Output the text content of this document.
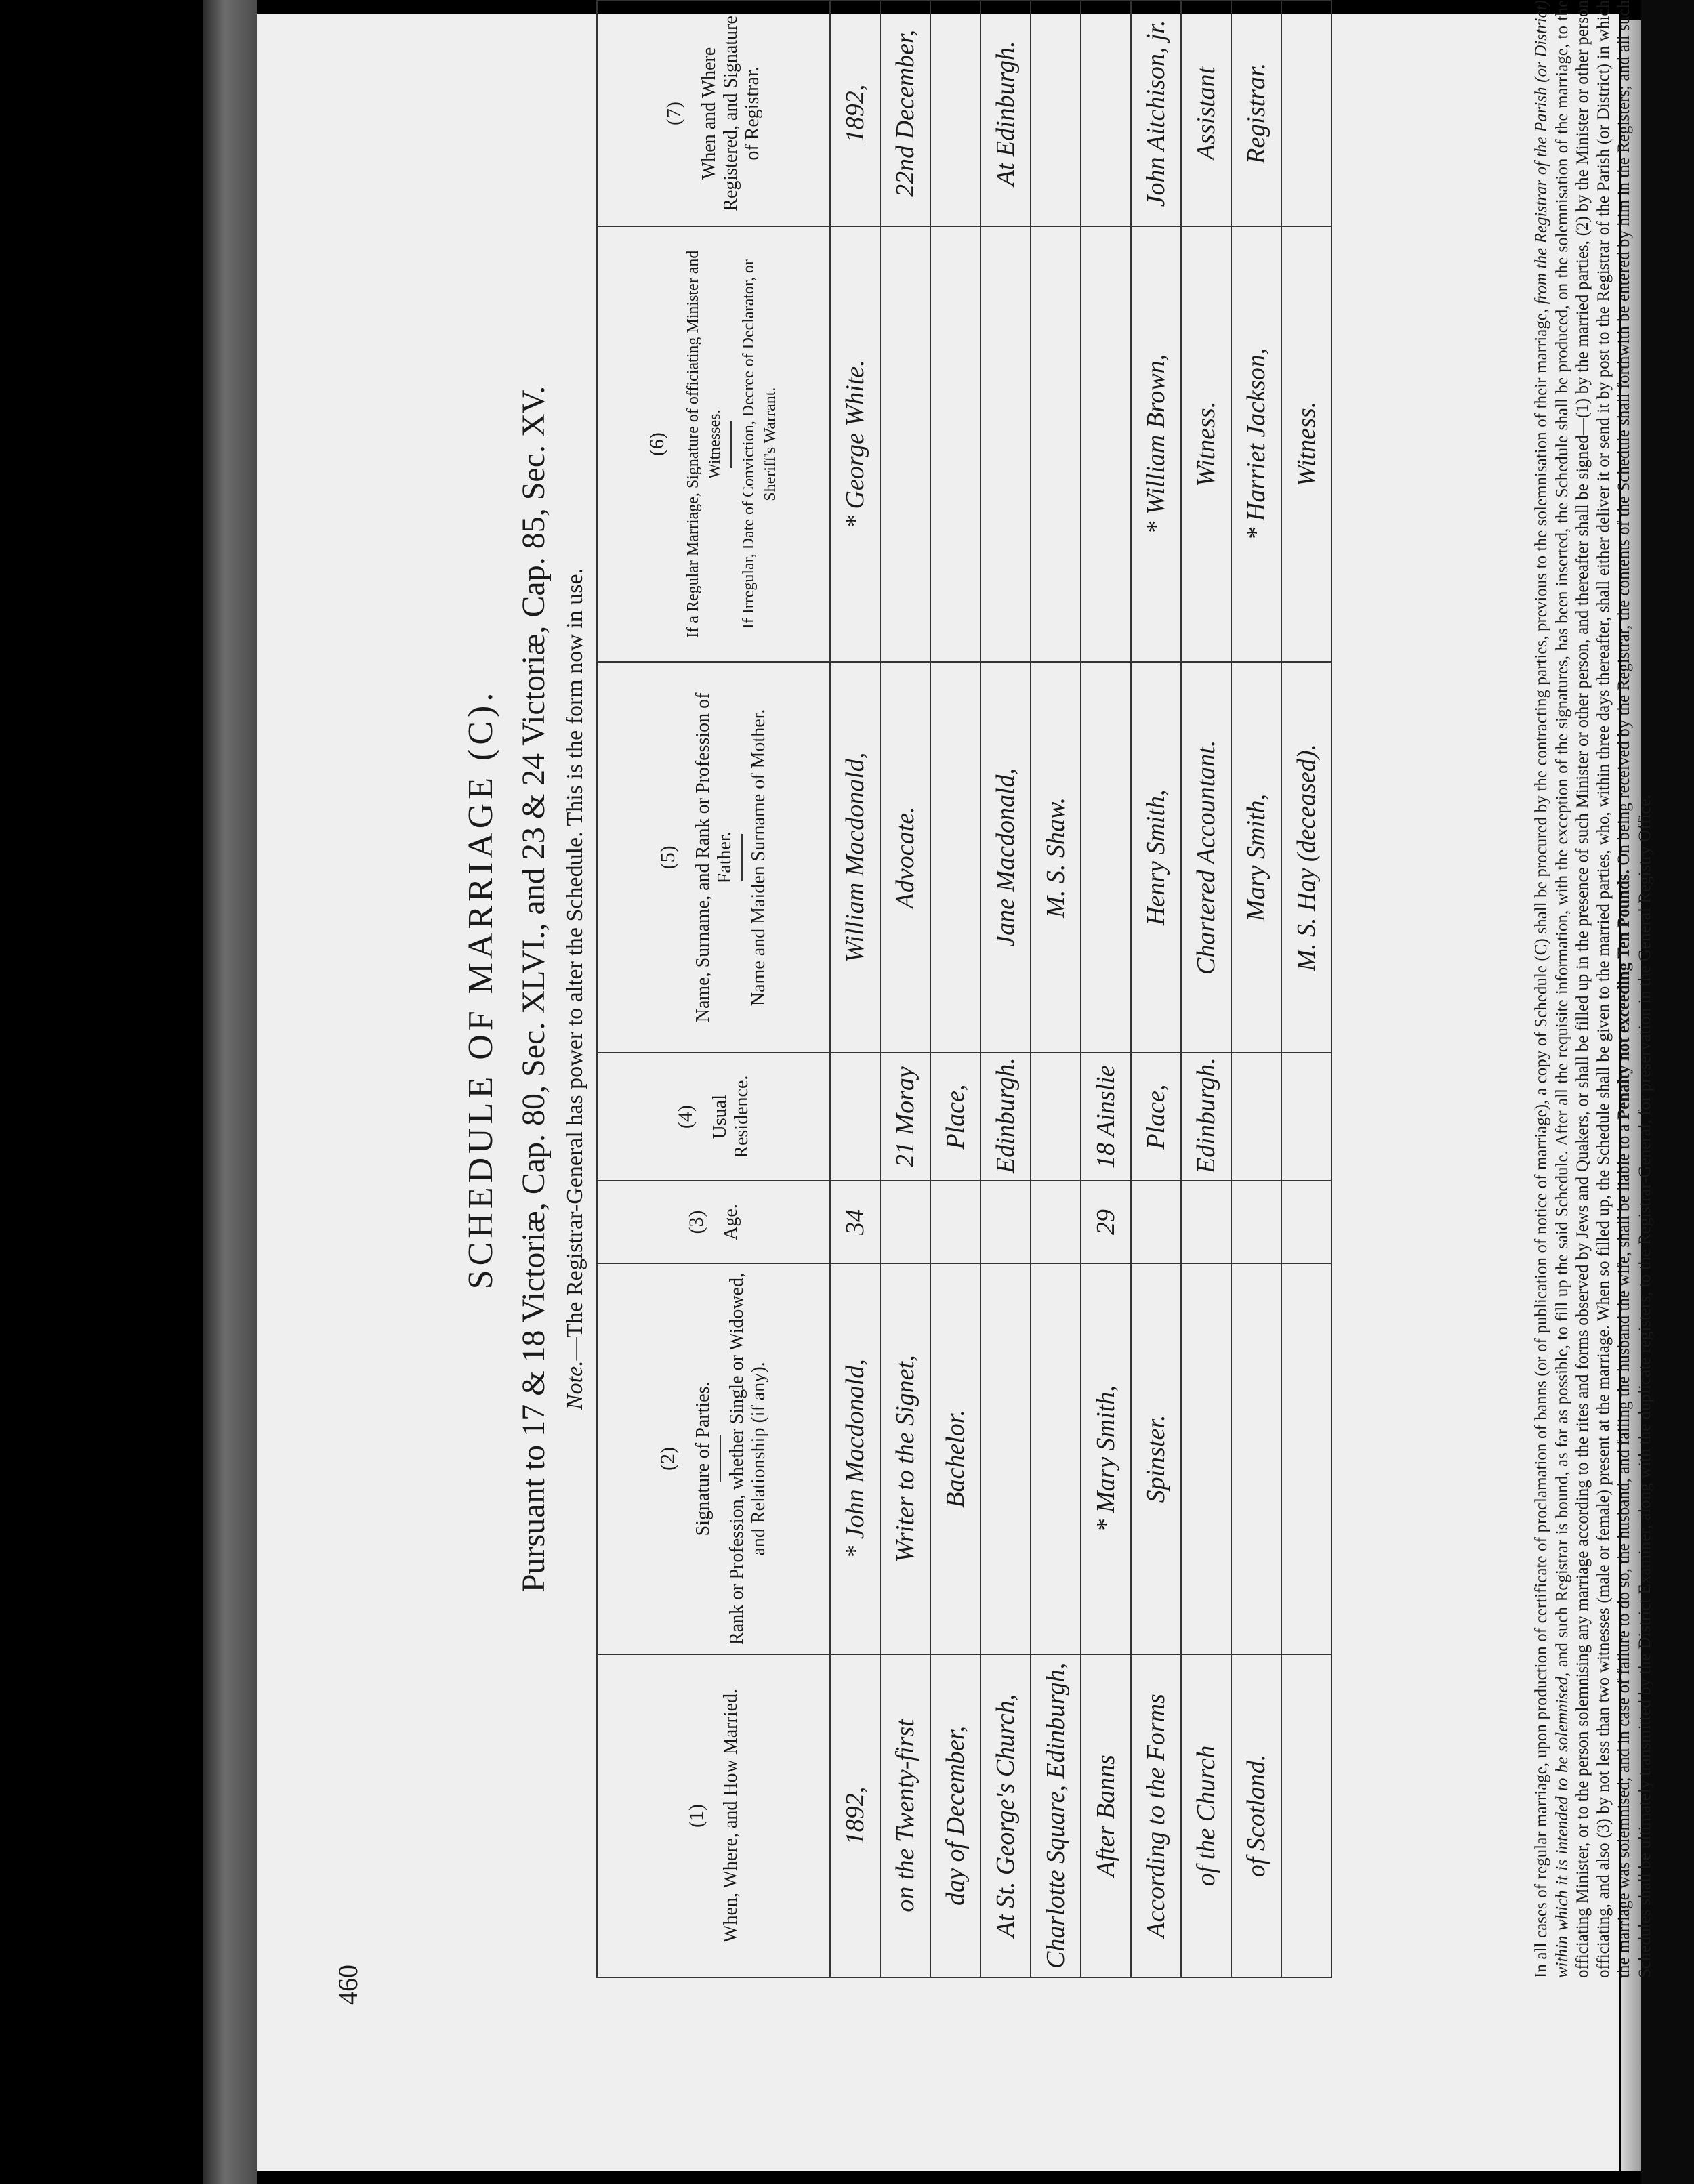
460
SCHEDULE OF MARRIAGE (C). Pursuant to 17 & 18 Victoriæ, Cap. 80, Sec. XLVI., and 23 & 24 Victoriæ, Cap. 85, Sec. XV. Note.—The Registrar-General has power to alter the Schedule. This is the form now in use.
(1) When, Where, and How Married.	(2) Signature of Parties. Rank or Profession, whether Single or Widowed, and Relationship (if any).	(3) Age.	(4) Usual Residence.	(5) Name, Surname, and Rank or Profession of Father. Name and Maiden Surname of Mother.	(6) If a Regular Marriage, Signature of officiating Minister and Witnesses. If Irregular, Date of Conviction, Decree of Declarator, or Sheriff's Warrant.	(7) When and Where Registered, and Signature of Registrar.
1892,	* John Macdonald,	34		William Macdonald,	* George White.	1892,
on the Twenty-first	Writer to the Signet,		21 Moray	Advocate.		22nd December,
day of December,	Bachelor.		Place,			
At St. George's Church,			Edinburgh.	Jane Macdonald,		At Edinburgh.
Charlotte Square, Edinburgh,				M. S. Shaw.		
After Banns	* Mary Smith,	29	18 Ainslie			
According to the Forms	Spinster.		Place,	Henry Smith,	* William Brown,	John Aitchison, jr.
of the Church			Edinburgh.	Chartered Accountant.	Witness.	Assistant
of Scotland.				Mary Smith,	* Harriet Jackson,	Registrar.
				M. S. Hay (deceased).	Witness.		In all cases of regular marriage, upon production of certificate of proclamation of banns (or of publication of notice of marriage), a copy of Schedule (C) shall be procured by the contracting parties, previous to the solemnisation of their marriage, from the Registrar of the Parish (or District) within which it is intended to be solemnised, and such Registrar is bound, as far as possible, to fill up the said Schedule. After all the requisite information, with the exception of the signatures, has been inserted, the Schedule shall be produced, on the solemnisation of the marriage, to the officiating Minister, or to the person solemnising any marriage according to the rites and forms observed by Jews and Quakers, or shall be filled up in the presence of such Minister or other person, and thereafter shall be signed—(1) by the married parties, (2) by the Minister or other person officiating, and also (3) by not less than two witnesses (male or female) present at the marriage. When so filled up, the Schedule shall be given to the married parties, who, within three days thereafter, shall either deliver it or send it by post to the Registrar of the Parish (or District) in which the marriage was solemnised; and in case of failure to do so, the husband, and failing the husband the wife, shall be liable to a Penalty not exceeding Ten Pounds. On being received by the Registrar, the contents of the Schedule shall forthwith be entered by him in the Registers; and all such Schedules shall be ultimately transmitted by the District Examiner, along with the duplicate registers, to the Registrar-General, for preservation in the General Registry Office.
